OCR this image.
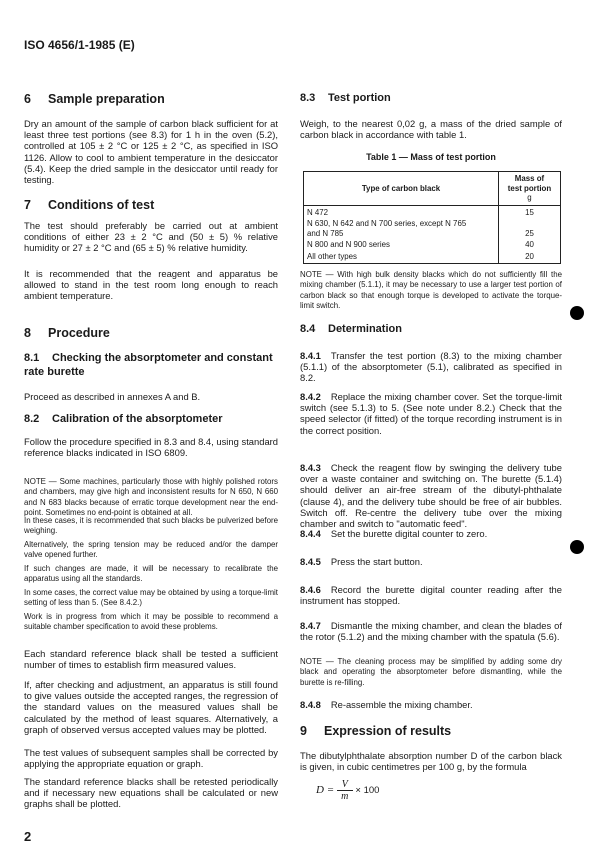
ISO 4656/1-1985 (E)
6 Sample preparation

Dry an amount of the sample of carbon black sufficient for at least three test portions (see 8.3) for 1 h in the oven (5.2), controlled at 105 ± 2 °C or 125 ± 2 °C, as specified in ISO 1126. Allow to cool to ambient temperature in the desiccator (5.4). Keep the dried sample in the desiccator until ready for testing.

7 Conditions of test

The test should preferably be carried out at ambient conditions of either 23 ± 2 °C and (50 ± 5) % relative humidity or 27 ± 2 °C and (65 ± 5) % relative humidity.

It is recommended that the reagent and apparatus be allowed to stand in the test room long enough to reach ambient temperature.

8 Procedure
8.1 Checking the absorptometer and constant rate burette

Proceed as described in annexes A and B.

8.2 Calibration of the absorptometer

Follow the procedure specified in 8.3 and 8.4, using standard reference blacks indicated in ISO 6809.

NOTE — Some machines, particularly those with highly polished rotors and chambers, may give high and inconsistent results for N 650, N 660 and N 683 blacks because of erratic torque development near the end-point. Sometimes no end-point is obtained at all.

In these cases, it is recommended that such blacks be pulverized before weighing.

Alternatively, the spring tension may be reduced and/or the damper valve opened further.

If such changes are made, it will be necessary to recalibrate the apparatus using all the standards.

In some cases, the correct value may be obtained by using a torque-limit setting of less than 5. (See 8.4.2.)

Work is in progress from which it may be possible to recommend a suitable chamber specification to avoid these problems.

Each standard reference black shall be tested a sufficient number of times to establish firm measured values.

If, after checking and adjustment, an apparatus is still found to give values outside the accepted ranges, the regression of the standard values on the measured values shall be calculated by the method of least squares. Alternatively, a graph of observed versus accepted values may be plotted.

The test values of subsequent samples shall be corrected by applying the appropriate equation or graph.

The standard reference blacks shall be retested periodically and if necessary new equations shall be calculated or new graphs shall be plotted.

2
8.3 Test portion

Weigh, to the nearest 0,02 g, a mass of the dried sample of carbon black in accordance with table 1.

Table 1 — Mass of test portion
Type of carbon black	Mass of
test portion
g
N 472	15
N 630, N 642 and N 700 series, except N 765 and N 785	25
N 800 and N 900 series	40
All other types	20

NOTE — With high bulk density blacks which do not sufficiently fill the mixing chamber (5.1.1), it may be necessary to use a larger test portion of carbon black so that enough torque is developed to activate the torque-limit switch.

8.4 Determination

8.4.1 Transfer the test portion (8.3) to the mixing chamber (5.1.1) of the absorptometer (5.1), calibrated as specified in 8.2.

8.4.2 Replace the mixing chamber cover. Set the torque-limit switch (see 5.1.3) to 5. (See note under 8.2.) Check that the speed selector (if fitted) of the torque recording instrument is in the correct position.

8.4.3 Check the reagent flow by swinging the delivery tube over a waste container and switching on. The burette (5.1.4) should deliver an air-free stream of the dibutyl-phthalate (clause 4), and the delivery tube should be free of air bubbles. Switch off. Re-centre the delivery tube over the mixing chamber and switch to "automatic feed".

8.4.4 Set the burette digital counter to zero.

8.4.5 Press the start button.

8.4.6 Record the burette digital counter reading after the instrument has stopped.

8.4.7 Dismantle the mixing chamber, and clean the blades of the rotor (5.1.2) and the mixing chamber with the spatula (5.6).

NOTE — The cleaning process may be simplified by adding some dry black and operating the absorptometer before dismantling, while the burette is re-filling.

8.4.8 Re-assemble the mixing chamber.

9 Expression of results

The dibutylphthalate absorption number D of the carbon black is given, in cubic centimetres per 100 g, by the formula

$D = \frac{V}{m} \times 100$
